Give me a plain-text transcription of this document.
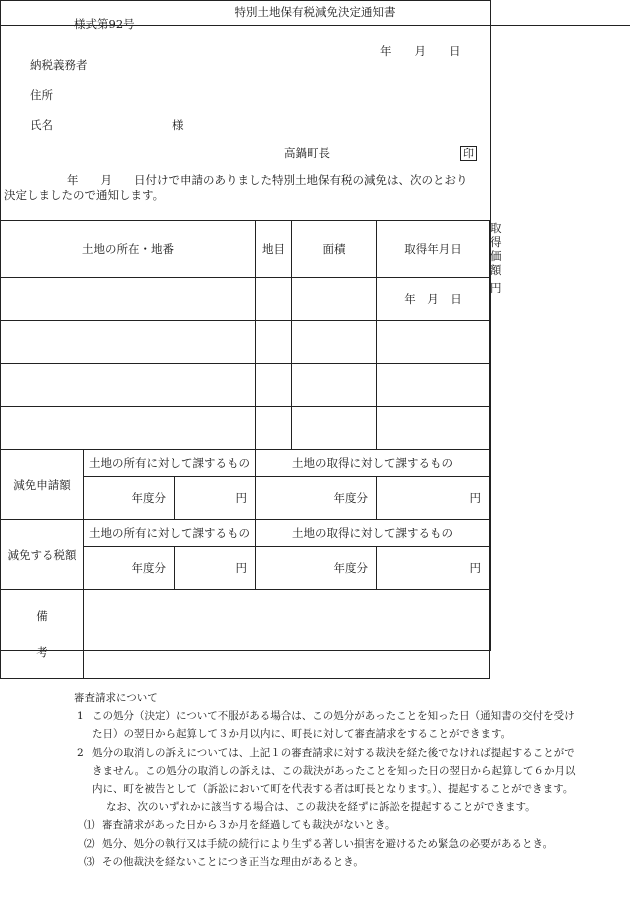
様式第92号
特別土地保有税減免決定通知書
年　　月　　日
納税義務者
住所
氏名	様
高鍋町長	印
年 月 日付けで申請のありました特別土地保有税の減免は、次のとおり
決定しましたので通知します。
土地の所在・地番			地目	面積	取得年月日	取得価額
					年　月　日	円

減免申請額	土地の所有に対して課するもの		土地の取得に対して課するもの			
	年度分	円	年度分		円	
減免する税額	土地の所有に対して課するもの		土地の取得に対して課するもの			
	年度分	円	年度分		円	

備
考						

審査請求について
1 この処分（決定）について不服がある場合は、この処分があったことを知った日（通知書の交付を受けた日）の翌日から起算して３か月以内に、町長に対して審査請求をすることができます。
2 処分の取消しの訴えについては、上記１の審査請求に対する裁決を経た後でなければ提起することができません。この処分の取消しの訴えは、この裁決があったことを知った日の翌日から起算して６か月以内に、町を被告として（訴訟において町を代表する者は町長となります。）、提起することができます。
なお、次のいずれかに該当する場合は、この裁決を経ずに訴訟を提起することができます。
⑴ 審査請求があった日から３か月を経過しても裁決がないとき。
⑵ 処分、処分の執行又は手続の続行により生ずる著しい損害を避けるため緊急の必要があるとき。
⑶ その他裁決を経ないことにつき正当な理由があるとき。
